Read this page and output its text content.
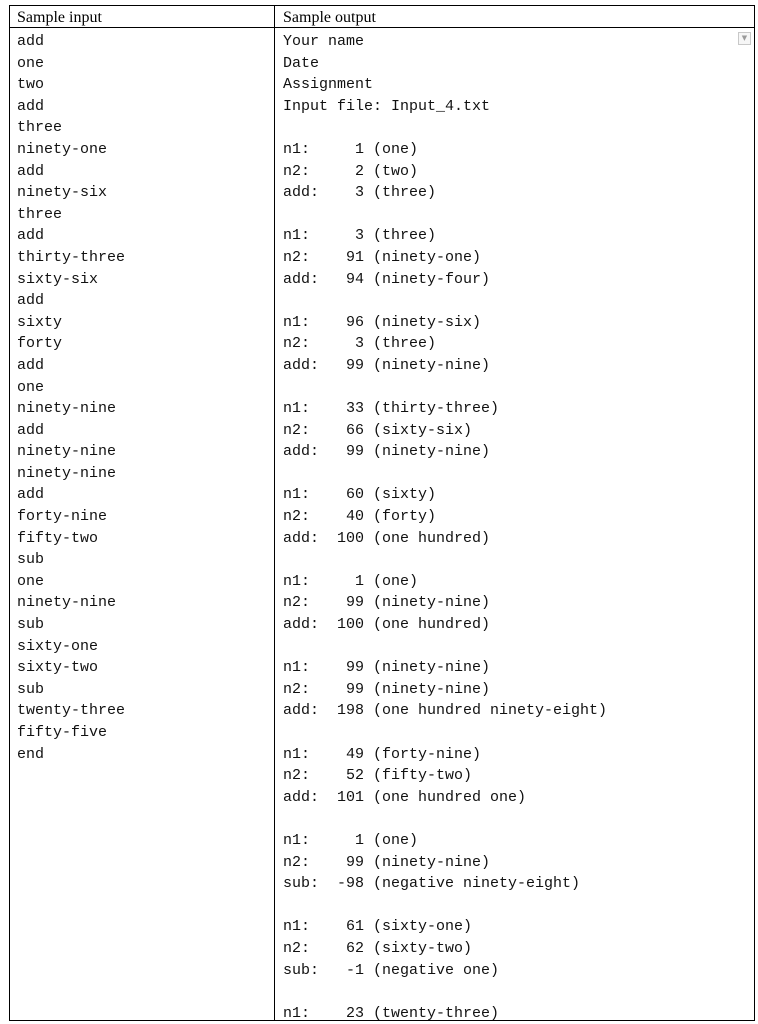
Sample input	Sample output
add
one
two
add
three
ninety-one
add
ninety-six
three
add
thirty-three
sixty-six
add
sixty
forty
add
one
ninety-nine
add
ninety-nine
ninety-nine
add
forty-nine
fifty-two
sub
one
ninety-nine
sub
sixty-one
sixty-two
sub
twenty-three
fifty-five
end
Your name
Date
Assignment
Input file: Input_4.txt
n1:     1 (one)
n2:     2 (two)
add:    3 (three)
n1:     3 (three)
n2:    91 (ninety-one)
add:   94 (ninety-four)
n1:    96 (ninety-six)
n2:     3 (three)
add:   99 (ninety-nine)
n1:    33 (thirty-three)
n2:    66 (sixty-six)
add:   99 (ninety-nine)
n1:    60 (sixty)
n2:    40 (forty)
add:  100 (one hundred)
n1:     1 (one)
n2:    99 (ninety-nine)
add:  100 (one hundred)
n1:    99 (ninety-nine)
n2:    99 (ninety-nine)
add:  198 (one hundred ninety-eight)
n1:    49 (forty-nine)
n2:    52 (fifty-two)
add:  101 (one hundred one)
n1:     1 (one)
n2:    99 (ninety-nine)
sub:  -98 (negative ninety-eight)
n1:    61 (sixty-one)
n2:    62 (sixty-two)
sub:   -1 (negative one)
n1:    23 (twenty-three)
▼
